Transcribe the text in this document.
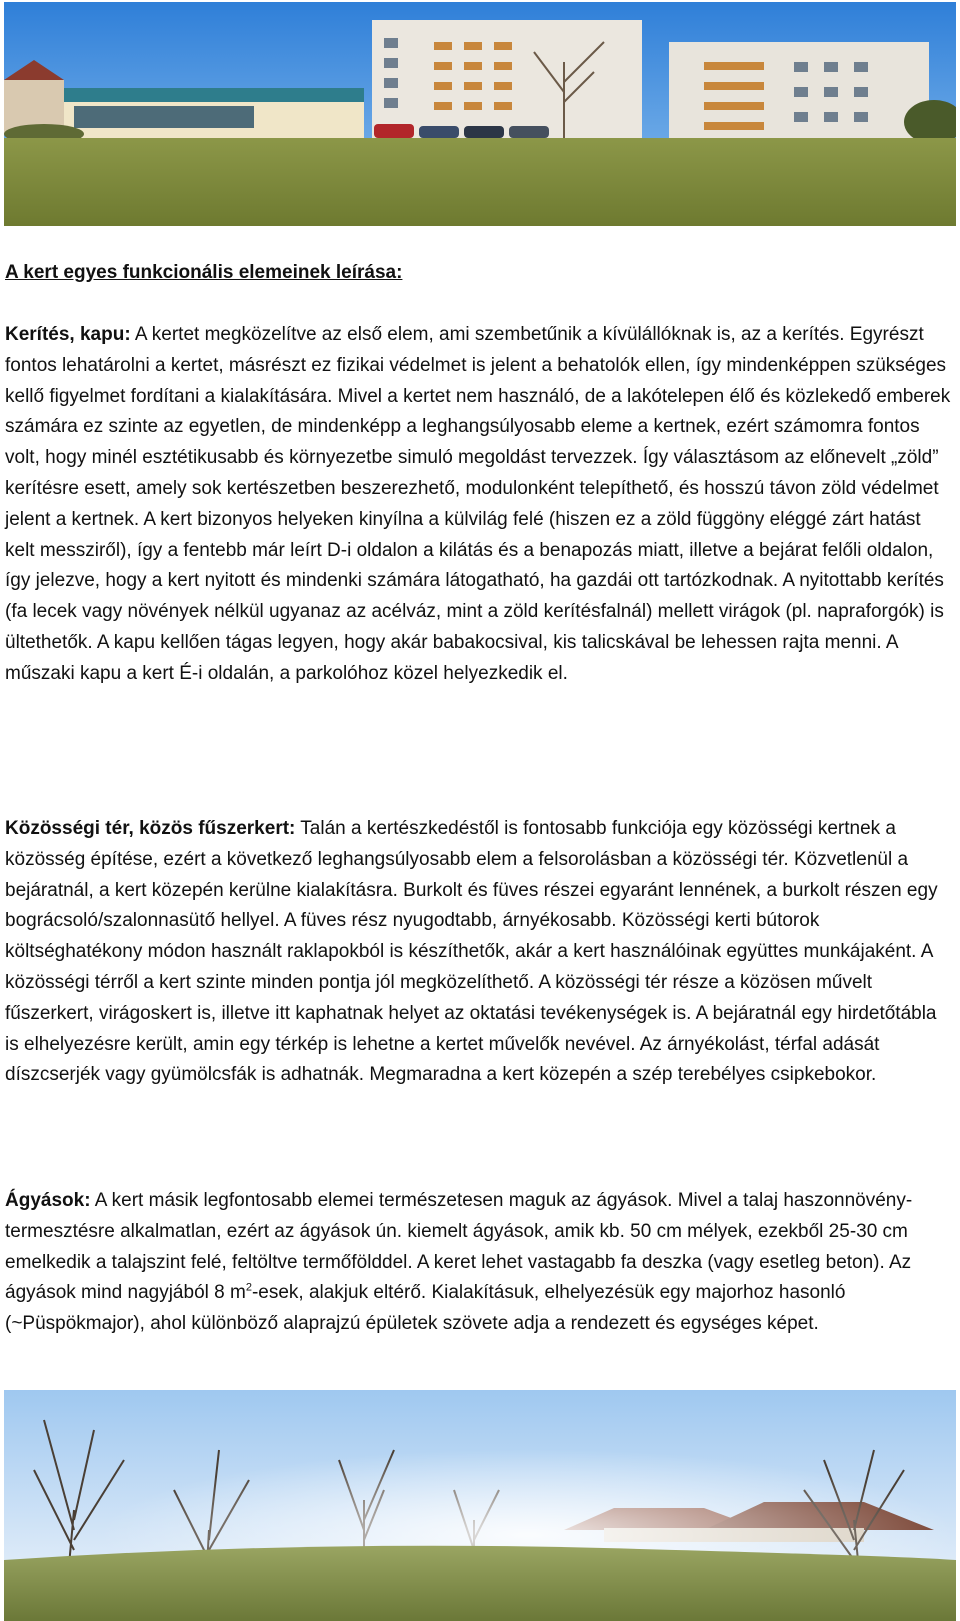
A kert egyes funkcionális elemeinek leírása:

Kerítés, kapu: A kertet megközelítve az első elem, ami szembetűnik a kívülállóknak is, az a kerítés. Egyrészt fontos lehatárolni a kertet, másrészt ez fizikai védelmet is jelent a behatolók ellen, így mindenképpen szükséges kellő figyelmet fordítani a kialakítására. Mivel a kertet nem használó, de a lakótelepen élő és közlekedő emberek számára ez szinte az egyetlen, de mindenképp a leghangsúlyosabb eleme a kertnek, ezért számomra fontos volt, hogy minél esztétikusabb és környezetbe simuló megoldást tervezzek. Így választásom az előnevelt „zöld” kerítésre esett, amely sok kertészetben beszerezhető, modulonként telepíthető, és hosszú távon zöld védelmet jelent a kertnek. A kert bizonyos helyeken kinyílna a külvilág felé (hiszen ez a zöld függöny eléggé zárt hatást kelt messziről), így a fentebb már leírt D-i oldalon a kilátás és a benapozás miatt, illetve a bejárat felőli oldalon, így jelezve, hogy a kert nyitott és mindenki számára látogatható, ha gazdái ott tartózkodnak. A nyitottabb kerítés (fa lecek vagy növények nélkül ugyanaz az acélváz, mint a zöld kerítésfalnál) mellett virágok (pl. napraforgók) is ültethetők. A kapu kellően tágas legyen, hogy akár babakocsival, kis talicskával be lehessen rajta menni. A műszaki kapu a kert É-i oldalán, a parkolóhoz közel helyezkedik el.

Közösségi tér, közös fűszerkert: Talán a kertészkedéstől is fontosabb funkciója egy közösségi kertnek a közösség építése, ezért a következő leghangsúlyosabb elem a felsorolásban a közösségi tér. Közvetlenül a bejáratnál, a kert közepén kerülne kialakításra. Burkolt és füves részei egyaránt lennének, a burkolt részen egy bográcsoló/szalonnasütő hellyel. A füves rész nyugodtabb, árnyékosabb. Közösségi kerti bútorok költséghatékony módon használt raklapokból is készíthetők, akár a kert használóinak együttes munkájaként. A közösségi térről a kert szinte minden pontja jól megközelíthető. A közösségi tér része a közösen művelt fűszerkert, virágoskert is, illetve itt kaphatnak helyet az oktatási tevékenységek is. A bejáratnál egy hirdetőtábla is elhelyezésre került, amin egy térkép is lehetne a kertet művelők nevével. Az árnyékolást, térfal adását díszcserjék vagy gyümölcsfák is adhatnák. Megmaradna a kert közepén a szép terebélyes csipkebokor.

Ágyások: A kert másik legfontosabb elemei természetesen maguk az ágyások. Mivel a talaj haszonnövény-termesztésre alkalmatlan, ezért az ágyások ún. kiemelt ágyások, amik kb. 50 cm mélyek, ezekből 25-30 cm emelkedik a talajszint felé, feltöltve termőfölddel. A keret lehet vastagabb fa deszka (vagy esetleg beton). Az ágyások mind nagyjából 8 $m^2$-esek, alakjuk eltérő. Kialakításuk, elhelyezésük egy majorhoz hasonló (~Püspökmajor), ahol különböző alaprajzú épületek szövete adja a rendezett és egységes képet.
